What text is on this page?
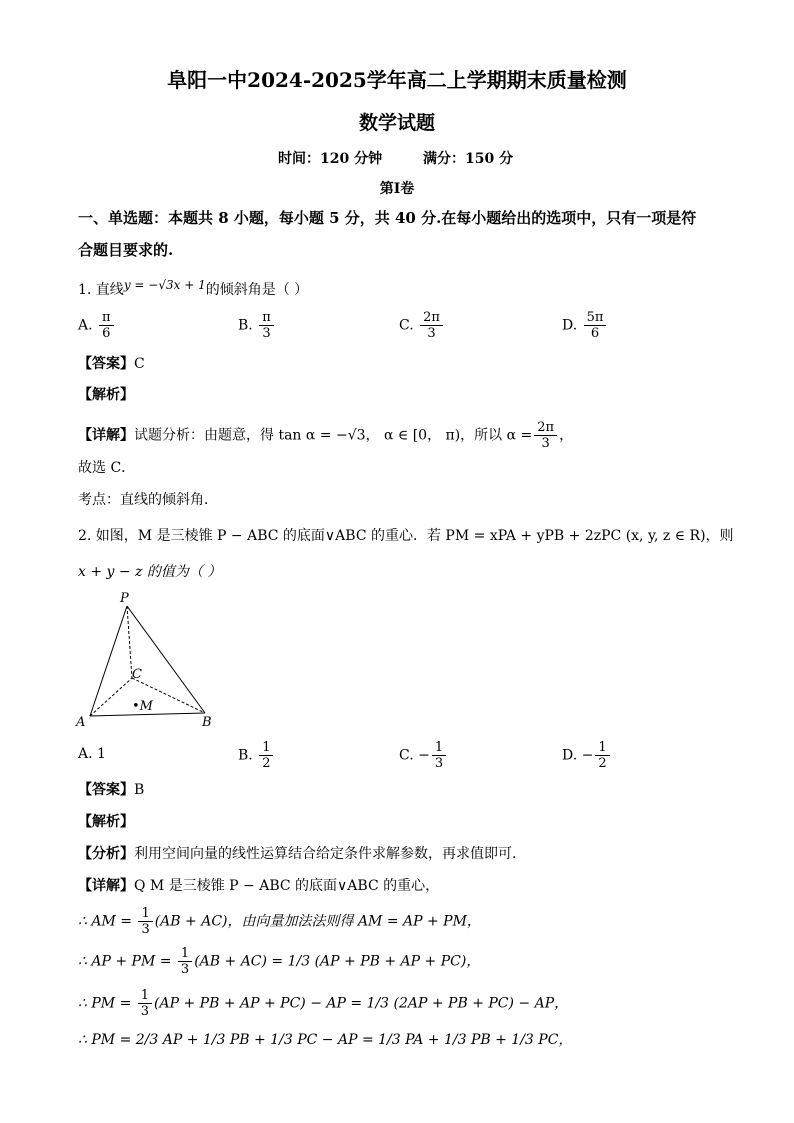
阜阳一中2024-2025学年高二上学期期末质量检测
数学试题
时间：120 分钟	满分：150 分
第I卷
一、单选题：本题共 8 小题，每小题 5 分，共 40 分.在每小题给出的选项中，只有一项是符
合题目要求的.
1. 直线y = −√3x + 1的倾斜角是（ ）
A. $\frac{\pi}{6}$	B. $\frac{\pi}{3}$	C. $\frac{2\pi}{3}$	D. $\frac{5\pi}{6}$
【答案】C
【解析】
【详解】试题分析：由题意，得 tan α = −√3， α ∈ [0， π)，所以 $\alpha = \frac{2\pi}{3}$ ，
故选 C．
考点：直线的倾斜角．
2. 如图，M 是三棱锥 P − ABC 的底面∨ABC 的重心．若 PM = xPA + yPB + 2zPC (x, y, z ∈ R)，则
x + y − z 的值为（ ）
P
C
•M
A	B
A. 1	B. $\frac{1}{2}$	C. − $\frac{1}{3}$	D. − $\frac{1}{2}$
【答案】B
【解析】
【分析】利用空间向量的线性运算结合给定条件求解参数，再求值即可.
【详解】Q M 是三棱锥 P − ABC 的底面∨ABC 的重心，
∴ AM = $\frac{1}{3} (AB + AC)$，由向量加法法则得 AM = AP + PM，
∴ AP + PM = $\frac{1}{3} (AB + AC) = 1/3$ (AP + PB + AP + PC)，
∴ PM = $\frac{1}{3} (AP$ + PB + AP + PC) − AP = 1/3 (2AP + PB + PC) − AP，
∴ PM = 2/3 AP + 1/3 PB + 1/3 PC − AP = 1/3 PA + 1/3 PB + 1/3 PC，
